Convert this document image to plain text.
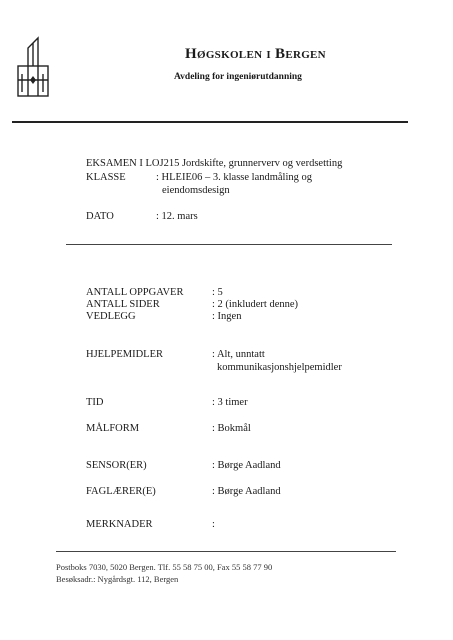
Høgskolen i Bergen
Avdeling for ingeniørutdanning
EKSAMEN I LOJ215 Jordskifte, grunnerverv og verdsetting
KLASSE	: HLEIE06 – 3. klasse landmåling og
eiendomsdesign
DATO	: 12. mars
ANTALL OPPGAVER	: 5
ANTALL SIDER	: 2 (inkludert denne)
VEDLEGG	: Ingen
HJELPEMIDLER	: Alt, unntatt
kommunikasjonshjelpemidler
TID	: 3 timer
MÅLFORM	: Bokmål
SENSOR(ER)	: Børge Aadland
FAGLÆRER(E)	: Børge Aadland
MERKNADER	:
Postboks 7030, 5020 Bergen. Tlf. 55 58 75 00, Fax 55 58 77 90
Besøksadr.: Nygårdsgt. 112, Bergen
